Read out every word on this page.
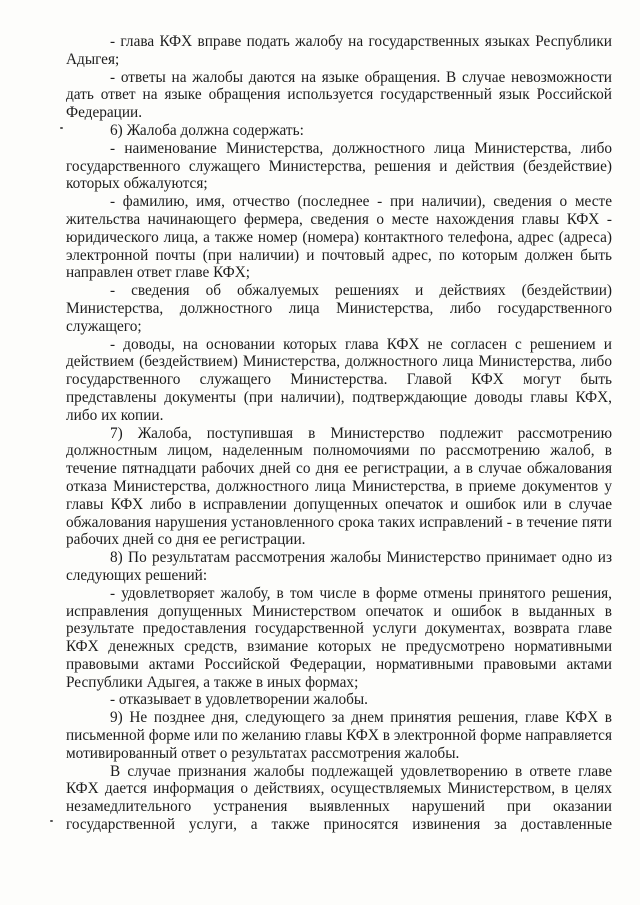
- глава КФХ вправе подать жалобу на государственных языках Республики Адыгея;

- ответы на жалобы даются на языке обращения. В случае невозможности дать ответ на языке обращения используется государственный язык Российской Федерации.

6) Жалоба должна содержать:

- наименование Министерства, должностного лица Министерства, либо государственного служащего Министерства, решения и действия (бездействие) которых обжалуются;

- фамилию, имя, отчество (последнее - при наличии), сведения о месте жительства начинающего фермера, сведения о месте нахождения главы КФХ - юридического лица, а также номер (номера) контактного телефона, адрес (адреса) электронной почты (при наличии) и почтовый адрес, по которым должен быть направлен ответ главе КФХ;

- сведения об обжалуемых решениях и действиях (бездействии) Министерства, должностного лица Министерства, либо государственного служащего;

- доводы, на основании которых глава КФХ не согласен с решением и действием (бездействием) Министерства, должностного лица Министерства, либо государственного служащего Министерства. Главой КФХ могут быть представлены документы (при наличии), подтверждающие доводы главы КФХ, либо их копии.

7) Жалоба, поступившая в Министерство подлежит рассмотрению должностным лицом, наделенным полномочиями по рассмотрению жалоб, в течение пятнадцати рабочих дней со дня ее регистрации, а в случае обжалования отказа Министерства, должностного лица Министерства, в приеме документов у главы КФХ либо в исправлении допущенных опечаток и ошибок или в случае обжалования нарушения установленного срока таких исправлений - в течение пяти рабочих дней со дня ее регистрации.

8) По результатам рассмотрения жалобы Министерство принимает одно из следующих решений:

- удовлетворяет жалобу, в том числе в форме отмены принятого решения, исправления допущенных Министерством опечаток и ошибок в выданных в результате предоставления государственной услуги документах, возврата главе КФХ денежных средств, взимание которых не предусмотрено нормативными правовыми актами Российской Федерации, нормативными правовыми актами Республики Адыгея, а также в иных формах;

- отказывает в удовлетворении жалобы.

9) Не позднее дня, следующего за днем принятия решения, главе КФХ в письменной форме или по желанию главы КФХ в электронной форме направляется мотивированный ответ о результатах рассмотрения жалобы.

В случае признания жалобы подлежащей удовлетворению в ответе главе КФХ дается информация о действиях, осуществляемых Министерством, в целях незамедлительного устранения выявленных нарушений при оказании государственной услуги, а также приносятся извинения за доставленные
